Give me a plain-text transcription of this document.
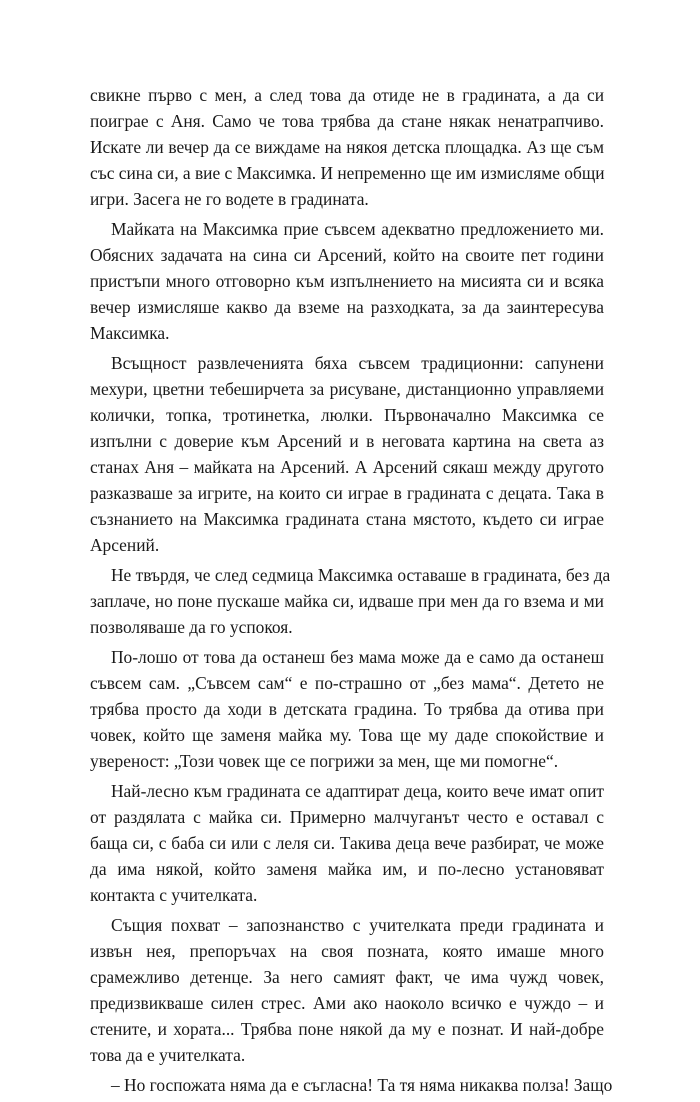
свикне първо с мен, а след това да отиде не в градината, а да си
поиграе с Аня. Само че това трябва да стане някак ненатрапчиво.
Искате ли вечер да се виждаме на някоя детска площадка. Аз ще съм
със сина си, а вие с Максимка. И непременно ще им измисляме общи
игри. Засега не го водете в градината.
Майката на Максимка прие съвсем адекватно предложението ми.
Обясних задачата на сина си Арсений, който на своите пет години
пристъпи много отговорно към изпълнението на мисията си и всяка
вечер измисляше какво да вземе на разходката, за да заинтересува
Максимка.
Всъщност развлеченията бяха съвсем традиционни: сапунени
мехури, цветни тебеширчета за рисуване, дистанционно управляеми
колички, топка, тротинетка, люлки. Първоначално Максимка се
изпълни с доверие към Арсений и в неговата картина на света аз
станах Аня – майката на Арсений. А Арсений сякаш между другото
разказваше за игрите, на които си играе в градината с децата. Така в
съзнанието на Максимка градината стана мястото, където си играе
Арсений.
Не твърдя, че след седмица Максимка оставаше в градината, без да
заплаче, но поне пускаше майка си, идваше при мен да го взема и ми
позволяваше да го успокоя.
По-лошо от това да останеш без мама може да е само да останеш
съвсем сам. „Съвсем сам“ е по-страшно от „без мама“. Детето не
трябва просто да ходи в детската градина. То трябва да отива при
човек, който ще заменя майка му. Това ще му даде спокойствие и
увереност: „Този човек ще се погрижи за мен, ще ми помогне“.
Най-лесно към градината се адаптират деца, които вече имат опит
от раздялата с майка си. Примерно малчуганът често е оставал с
баща си, с баба си или с леля си. Такива деца вече разбират, че може
да има някой, който заменя майка им, и по-лесно установяват
контакта с учителката.
Същия похват – запознанство с учителката преди градината и
извън нея, препоръчах на своя позната, която имаше много
срамежливо детенце. За него самият факт, че има чужд човек,
предизвикваше силен стрес. Ами ако наоколо всичко е чуждо – и
стените, и хората... Трябва поне някой да му е познат. И най-добре
това да е учителката.
– Но госпожата няма да е съгласна! Та тя няма никаква полза! Защо
